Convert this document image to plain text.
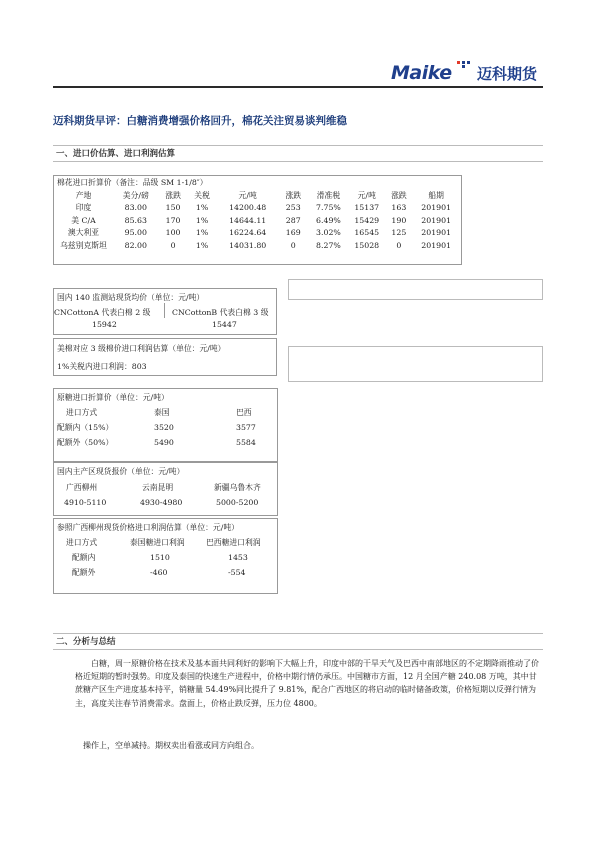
Maike 迈科期货
迈科期货早评：白糖消费增强价格回升，棉花关注贸易谈判维稳
一、进口价估算、进口利润估算
棉花进口折算价（备注：品级 SM 1-1/8″）
产地	美分/磅	涨跌	关税	元/吨	涨跌	滑准税	元/吨	涨跌	船期
印度	83.00	150	1%	14200.48	253	7.75%	15137	163	201901
美 C/A	85.63	170	1%	14644.11	287	6.49%	15429	190	201901
澳大利亚	95.00	100	1%	16224.64	169	3.02%	16545	125	201901
乌兹别克斯坦	82.00	0	1%	14031.80	0	8.27%	15028	0	201901
国内 140 监测站现货均价（单位：元/吨）
CNCottonA 代表白棉 2 级	CNCottonB 代表白棉 3 级
15942	15447
美棉对应 3 级棉价进口利润估算（单位：元/吨）
1%关税内进口利润：803
原糖进口折算价（单位：元/吨）
进口方式	泰国	巴西
配额内（15%）	3520	3577
配额外（50%）	5490	5584
国内主产区现货报价（单位：元/吨）
广西柳州	云南昆明	新疆乌鲁木齐
4910-5110	4930-4980	5000-5200
参照广西柳州现货价格进口利润估算（单位：元/吨）
进口方式	泰国糖进口利润	巴西糖进口利润
配额内	1510	1453
配额外	-460	-554
二、分析与总结

白糖，周一原糖价格在技术及基本面共同利好的影响下大幅上升，印度中部的干旱天气及巴西中南部地区的不定期降雨推动了价格近短期的暂时强势。印度及泰国的快速生产进程中，价格中期行情仍承压。中国糖市方面，12 月全国产糖 240.08 万吨，其中甘蔗糖产区生产进度基本持平，销糖量 54.49%同比提升了 9.81%，配合广西地区的将启动的临时储备政策，价格短期以反弹行情为主，高度关注春节消费需求。盘面上，价格止跌反弹，压力位 4800。

操作上，空单减持。期权卖出看涨或同方向组合。
